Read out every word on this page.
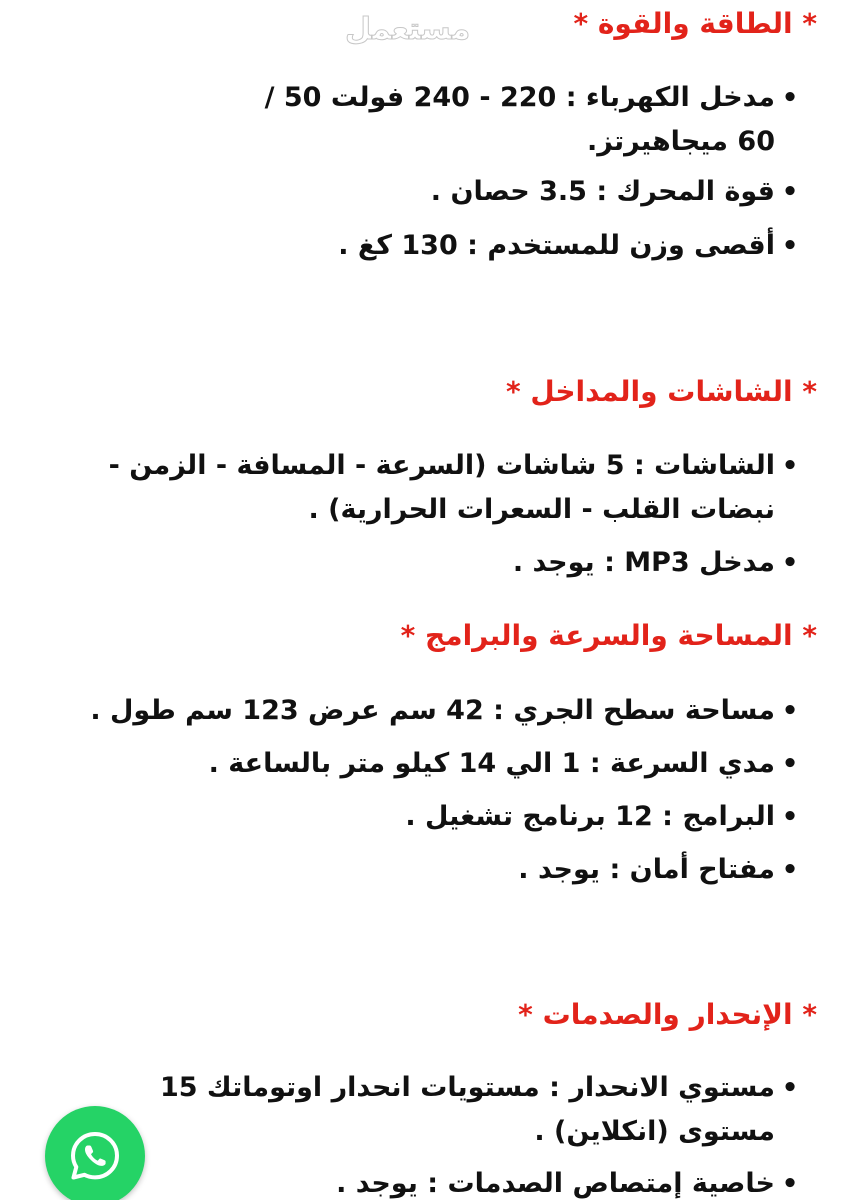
مستعمل	* الطاقة والقوة *
•
مدخل الكهرباء : 220 - 240 فولت 50 / 60 ميجاهيرتز.
•
قوة المحرك : 3.5 حصان .
•
أقصى وزن للمستخدم : 130 كغ .
* الشاشات والمداخل *
•
الشاشات : 5 شاشات (السرعة - المسافة - الزمن - نبضات القلب - السعرات الحرارية) .
•
مدخل MP3 : يوجد .
* المساحة والسرعة والبرامج *
•
مساحة سطح الجري : 42 سم عرض 123 سم طول .
•
مدي السرعة : 1 الي 14 كيلو متر بالساعة .
•
البرامج : 12 برنامج تشغيل .
•
مفتاح أمان : يوجد .
* الإنحدار والصدمات *
•
مستوي الانحدار : مستويات انحدار اوتوماتك 15 مستوى (انكلاين) .
•
خاصية إمتصاص الصدمات : يوجد .
